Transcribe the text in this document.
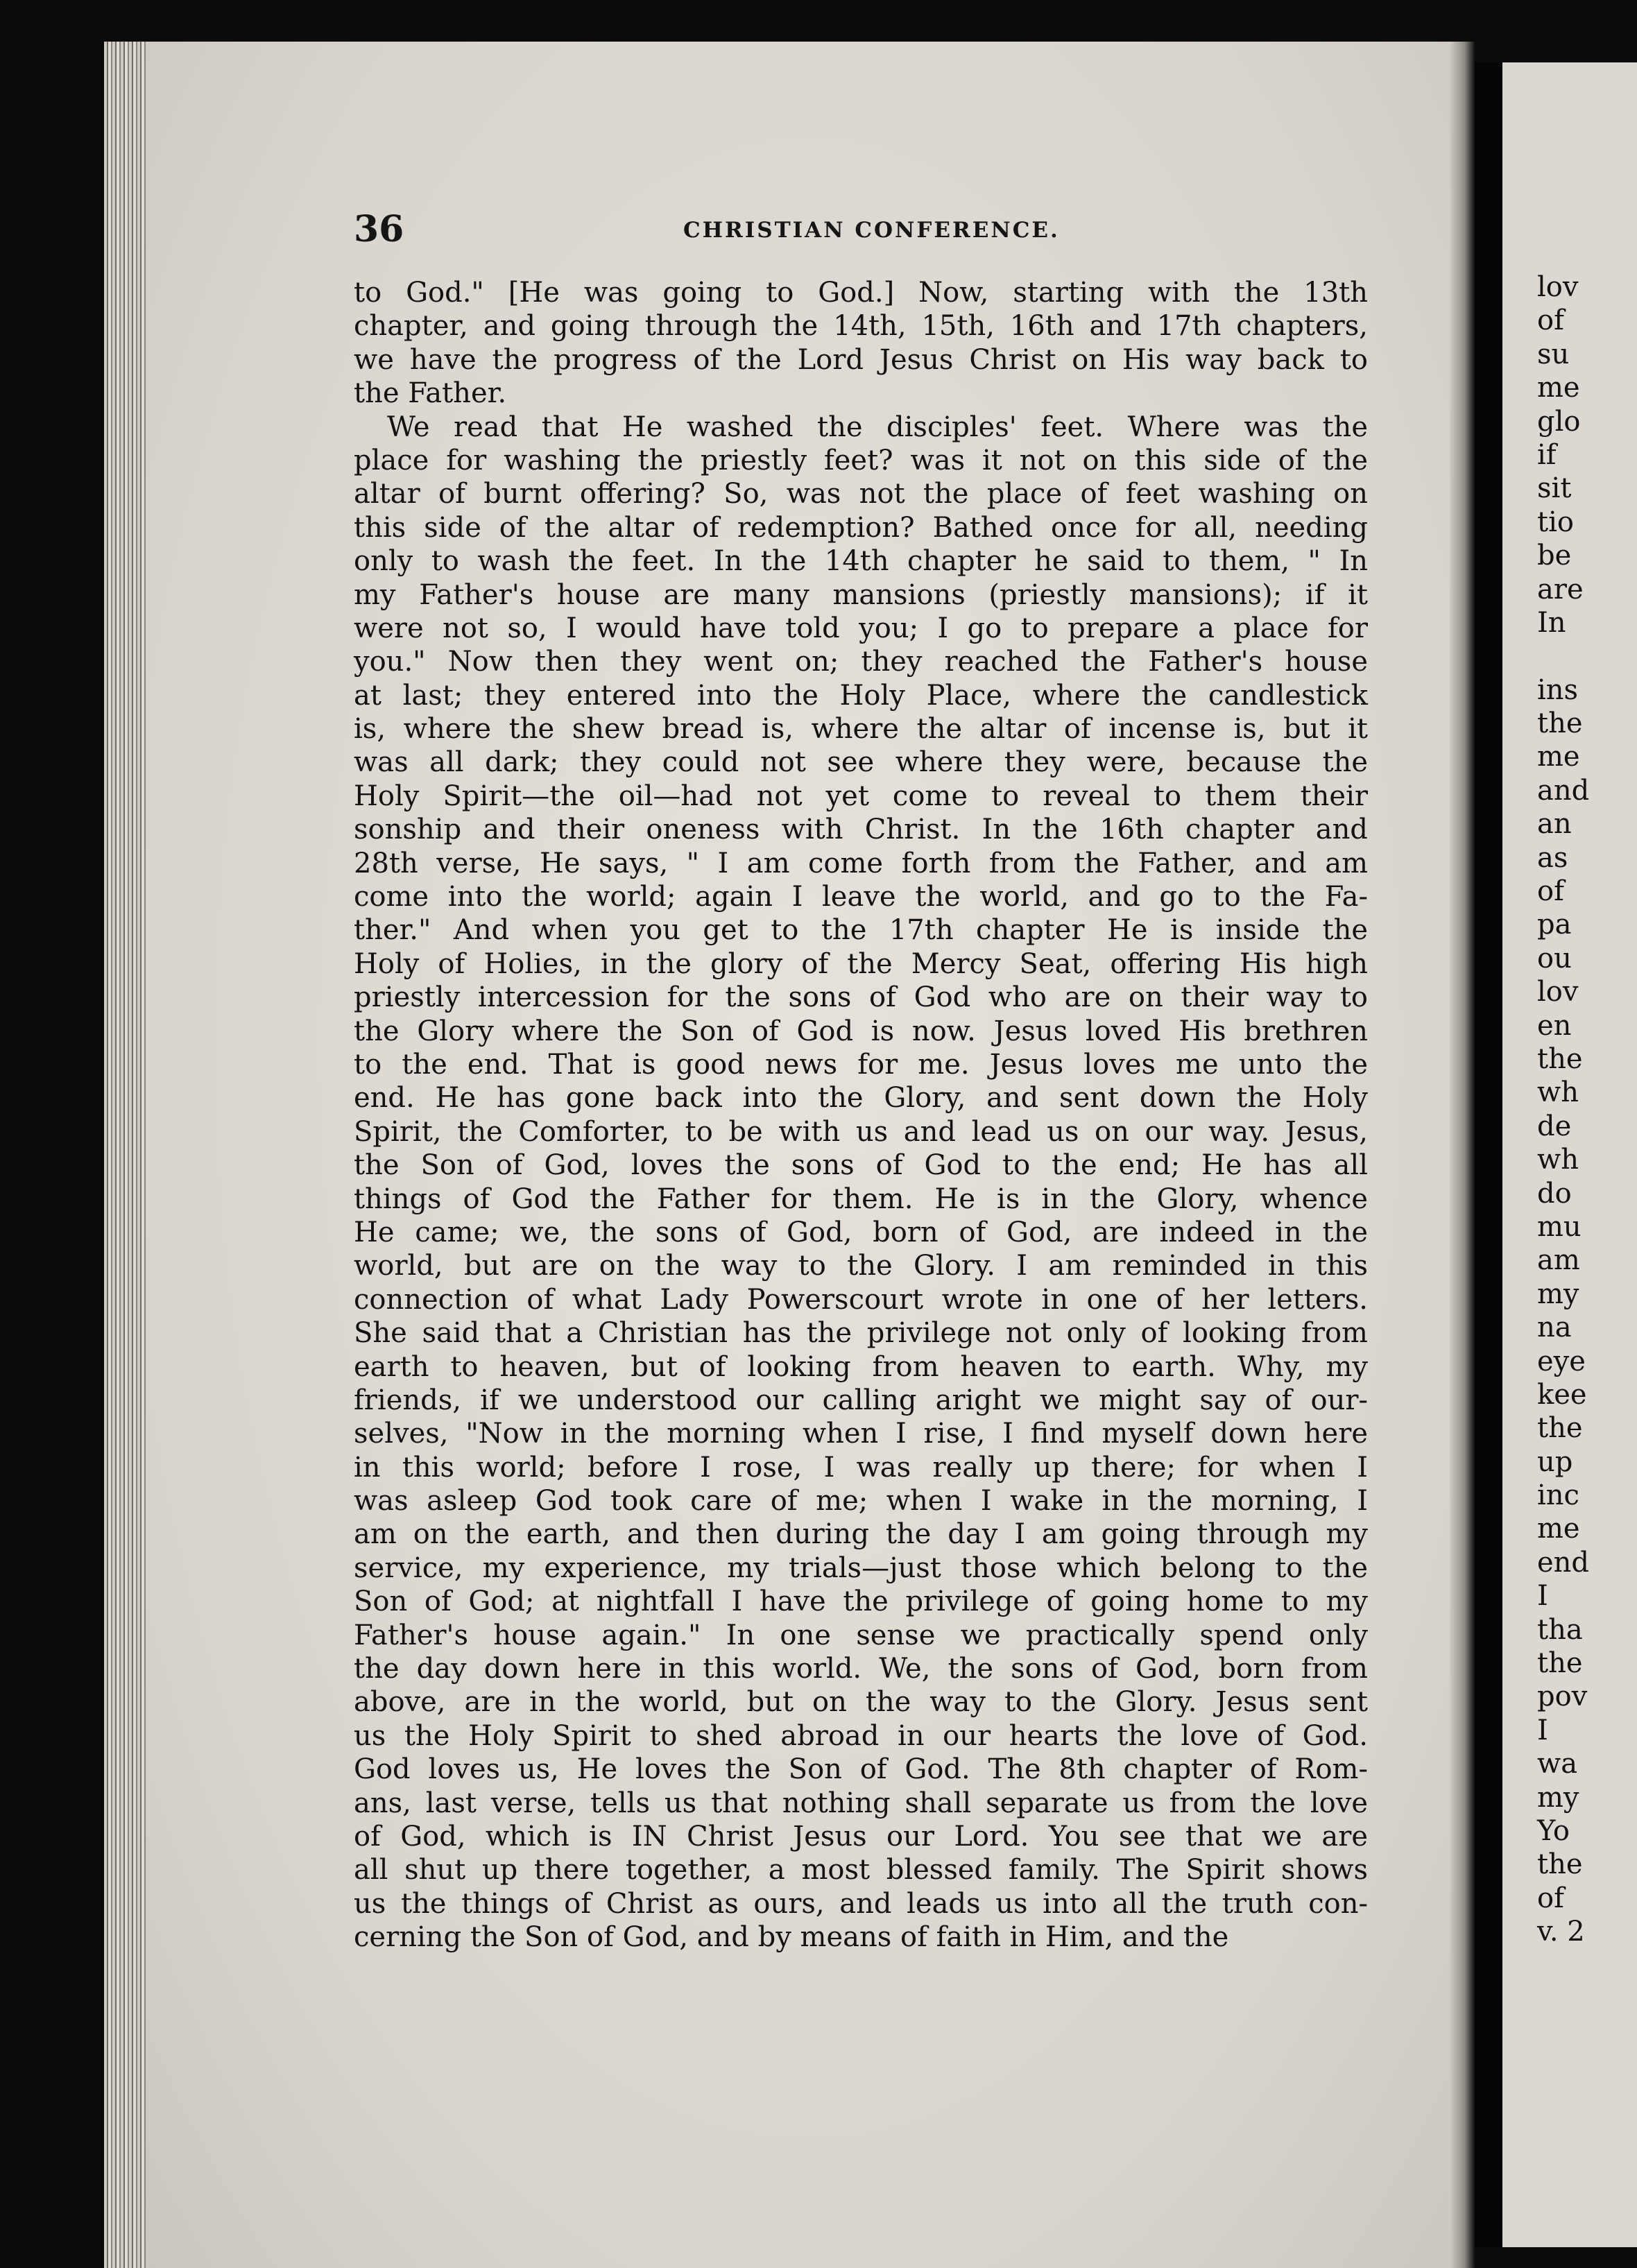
lov
of
su
me
glo
if
sit
tio
be
are
In
ins
the
me
and
an
as
of
pa
ou
lov
en
the
wh
de
wh
do
mu
am
my
na
eye
kee
the
up
inc
me
end
I
tha
the
pov
I
wa
my
Yo
the
of
v. 2
36	CHRISTIAN CONFERENCE.
to God." [He was going to God.] Now, starting with the 13th
chapter, and going through the 14th, 15th, 16th and 17th chapters,
we have the progress of the Lord Jesus Christ on His way back to
the Father.
We read that He washed the disciples' feet. Where was the
place for washing the priestly feet? was it not on this side of the
altar of burnt offering? So, was not the place of feet washing on
this side of the altar of redemption? Bathed once for all, needing
only to wash the feet. In the 14th chapter he said to them, " In
my Father's house are many mansions (priestly mansions); if it
were not so, I would have told you; I go to prepare a place for
you." Now then they went on; they reached the Father's house
at last; they entered into the Holy Place, where the candlestick
is, where the shew bread is, where the altar of incense is, but it
was all dark; they could not see where they were, because the
Holy Spirit—the oil—had not yet come to reveal to them their
sonship and their oneness with Christ. In the 16th chapter and
28th verse, He says, " I am come forth from the Father, and am
come into the world; again I leave the world, and go to the Fa-
ther." And when you get to the 17th chapter He is inside the
Holy of Holies, in the glory of the Mercy Seat, offering His high
priestly intercession for the sons of God who are on their way to
the Glory where the Son of God is now. Jesus loved His brethren
to the end. That is good news for me. Jesus loves me unto the
end. He has gone back into the Glory, and sent down the Holy
Spirit, the Comforter, to be with us and lead us on our way. Jesus,
the Son of God, loves the sons of God to the end; He has all
things of God the Father for them. He is in the Glory, whence
He came; we, the sons of God, born of God, are indeed in the
world, but are on the way to the Glory. I am reminded in this
connection of what Lady Powerscourt wrote in one of her letters.
She said that a Christian has the privilege not only of looking from
earth to heaven, but of looking from heaven to earth. Why, my
friends, if we understood our calling aright we might say of our-
selves, "Now in the morning when I rise, I find myself down here
in this world; before I rose, I was really up there; for when I
was asleep God took care of me; when I wake in the morning, I
am on the earth, and then during the day I am going through my
service, my experience, my trials—just those which belong to the
Son of God; at nightfall I have the privilege of going home to my
Father's house again." In one sense we practically spend only
the day down here in this world. We, the sons of God, born from
above, are in the world, but on the way to the Glory. Jesus sent
us the Holy Spirit to shed abroad in our hearts the love of God.
God loves us, He loves the Son of God. The 8th chapter of Rom-
ans, last verse, tells us that nothing shall separate us from the love
of God, which is IN Christ Jesus our Lord. You see that we are
all shut up there together, a most blessed family. The Spirit shows
us the things of Christ as ours, and leads us into all the truth con-
cerning the Son of God, and by means of faith in Him, and the
